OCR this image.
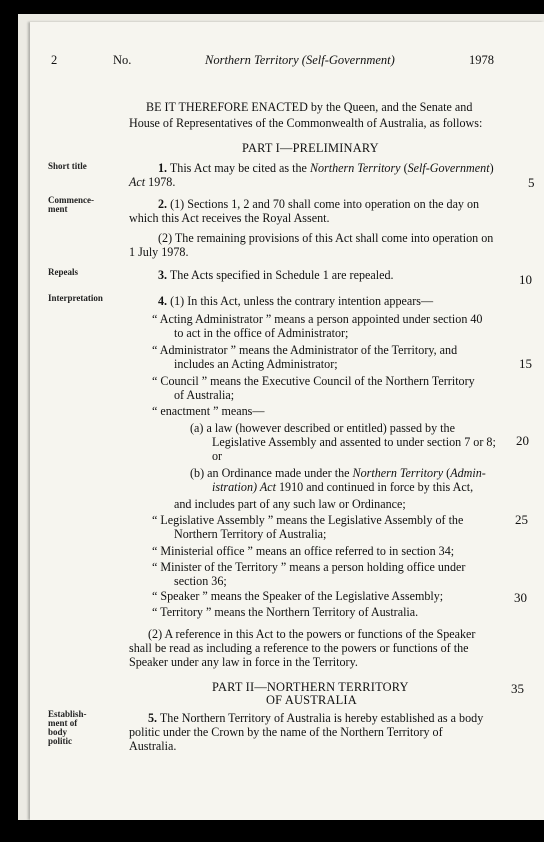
2	No.	Northern Territory (Self-Government)	1978
BE IT THEREFORE ENACTED by the Queen, and the Senate and
House of Representatives of the Commonwealth of Australia, as follows:
PART I—PRELIMINARY
Short title
Commence-
ment
Repeals
Interpretation
Establish-
ment of
body
politic
1. This Act may be cited as the Northern Territory (Self-Government)
Act 1978.
2. (1) Sections 1, 2 and 70 shall come into operation on the day on
which this Act receives the Royal Assent.
(2) The remaining provisions of this Act shall come into operation on
1 July 1978.
3. The Acts specified in Schedule 1 are repealed.
4. (1) In this Act, unless the contrary intention appears—
“ Acting Administrator ” means a person appointed under section 40
to act in the office of Administrator;
“ Administrator ” means the Administrator of the Territory, and
includes an Acting Administrator;
“ Council ” means the Executive Council of the Northern Territory
of Australia;
“ enactment ” means—
(a) a law (however described or entitled) passed by the
Legislative Assembly and assented to under section 7 or 8;
or
(b) an Ordinance made under the Northern Territory (Admin-
istration) Act 1910 and continued in force by this Act,
and includes part of any such law or Ordinance;
“ Legislative Assembly ” means the Legislative Assembly of the
Northern Territory of Australia;
“ Ministerial office ” means an office referred to in section 34;
“ Minister of the Territory ” means a person holding office under
section 36;
“ Speaker ” means the Speaker of the Legislative Assembly;
“ Territory ” means the Northern Territory of Australia.
(2) A reference in this Act to the powers or functions of the Speaker
shall be read as including a reference to the powers or functions of the
Speaker under any law in force in the Territory.
PART II—NORTHERN TERRITORY
OF AUSTRALIA
5. The Northern Territory of Australia is hereby established as a body
politic under the Crown by the name of the Northern Territory of
Australia.
5
10
15
20
25
30
35
